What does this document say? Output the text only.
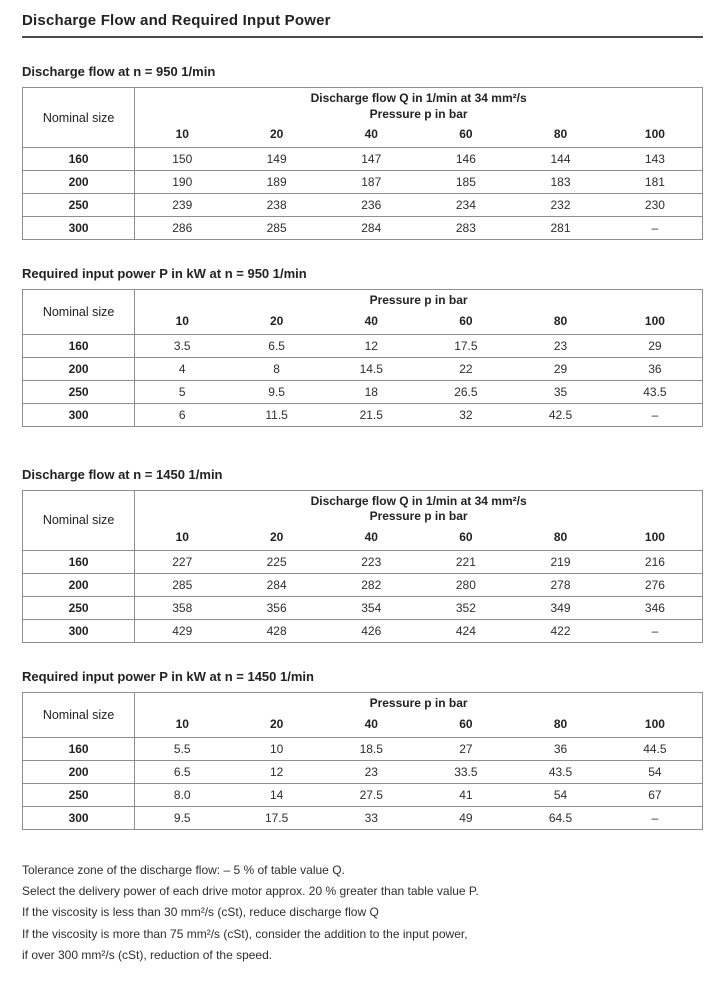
Discharge Flow and Required Input Power
Discharge flow at n = 950 1/min
Nominal size	Discharge flow Q in 1/min at 34 mm²/s
Pressure p in bar					

	10	20	40	60	80	100
160	150	149	147	146	144	143
200	190	189	187	185	183	181
250	239	238	236	234	232	230
300	286	285	284	283	281	–
Required input power P in kW at n = 950 1/min
Nominal size	Pressure p in bar					

	10	20	40	60	80	100
160	3.5	6.5	12	17.5	23	29
200	4	8	14.5	22	29	36
250	5	9.5	18	26.5	35	43.5
300	6	11.5	21.5	32	42.5	–
Discharge flow at n = 1450 1/min
Nominal size	Discharge flow Q in 1/min at 34 mm²/s
Pressure p in bar					

	10	20	40	60	80	100
160	227	225	223	221	219	216
200	285	284	282	280	278	276
250	358	356	354	352	349	346
300	429	428	426	424	422	–
Required input power P in kW at n = 1450 1/min
Nominal size	Pressure p in bar					

	10	20	40	60	80	100
160	5.5	10	18.5	27	36	44.5
200	6.5	12	23	33.5	43.5	54
250	8.0	14	27.5	41	54	67
300	9.5	17.5	33	49	64.5	–

Tolerance zone of the discharge flow: – 5 % of table value Q.

Select the delivery power of each drive motor approx. 20 % greater than table value P.

If the viscosity is less than 30 mm²/s (cSt), reduce discharge flow Q

If the viscosity is more than 75 mm²/s (cSt), consider the addition to the input power,

if over 300 mm²/s (cSt), reduction of the speed.
